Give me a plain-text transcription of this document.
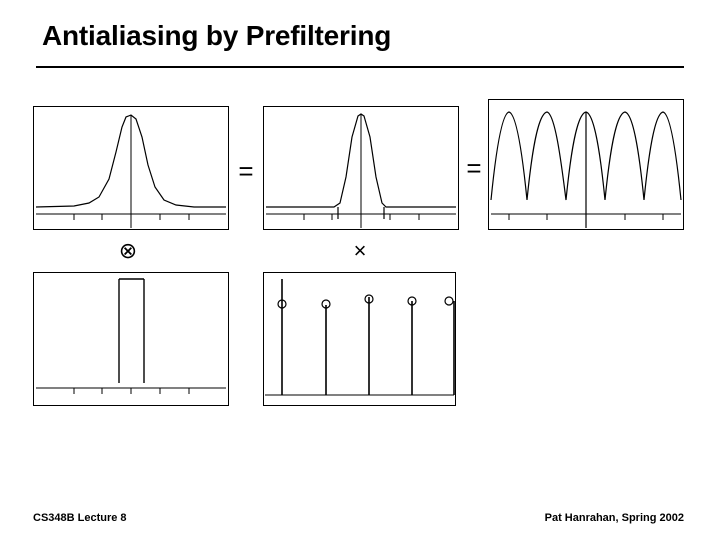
Antialiasing by Prefiltering
=	=
⊗	×
CS348B Lecture 8	Pat Hanrahan, Spring 2002
